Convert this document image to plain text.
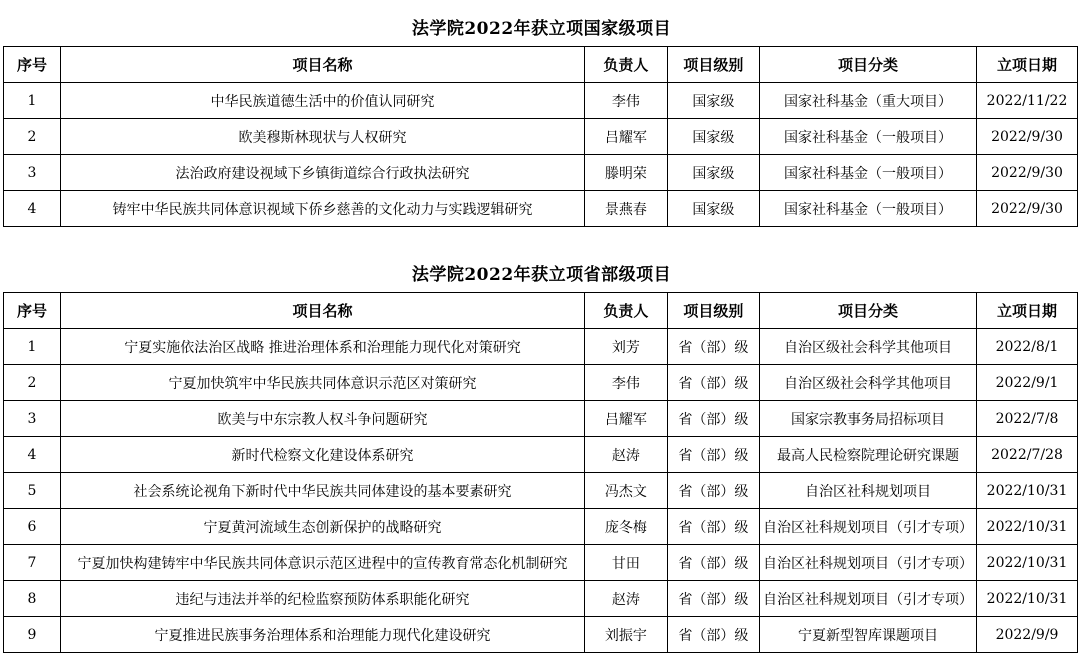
法学院2022年获立项国家级项目
序号	项目名称	负责人	项目级别	项目分类	立项日期
1	中华民族道德生活中的价值认同研究	李伟	国家级	国家社科基金（重大项目）	2022/11/22
2	欧美穆斯林现状与人权研究	吕耀军	国家级	国家社科基金（一般项目）	2022/9/30
3	法治政府建设视域下乡镇街道综合行政执法研究	滕明荣	国家级	国家社科基金（一般项目）	2022/9/30
4	铸牢中华民族共同体意识视域下侨乡慈善的文化动力与实践逻辑研究	景燕春	国家级	国家社科基金（一般项目）	2022/9/30
法学院2022年获立项省部级项目
序号	项目名称	负责人	项目级别	项目分类	立项日期
1	宁夏实施依法治区战略 推进治理体系和治理能力现代化对策研究	刘芳	省（部）级	自治区级社会科学其他项目	2022/8/1
2	宁夏加快筑牢中华民族共同体意识示范区对策研究	李伟	省（部）级	自治区级社会科学其他项目	2022/9/1
3	欧美与中东宗教人权斗争问题研究	吕耀军	省（部）级	国家宗教事务局招标项目	2022/7/8
4	新时代检察文化建设体系研究	赵涛	省（部）级	最高人民检察院理论研究课题	2022/7/28
5	社会系统论视角下新时代中华民族共同体建设的基本要素研究	冯杰文	省（部）级	自治区社科规划项目	2022/10/31
6	宁夏黄河流域生态创新保护的战略研究	庞冬梅	省（部）级	自治区社科规划项目（引才专项）	2022/10/31
7	宁夏加快构建铸牢中华民族共同体意识示范区进程中的宣传教育常态化机制研究	甘田	省（部）级	自治区社科规划项目（引才专项）	2022/10/31
8	违纪与违法并举的纪检监察预防体系职能化研究	赵涛	省（部）级	自治区社科规划项目（引才专项）	2022/10/31
9	宁夏推进民族事务治理体系和治理能力现代化建设研究	刘振宇	省（部）级	宁夏新型智库课题项目	2022/9/9
